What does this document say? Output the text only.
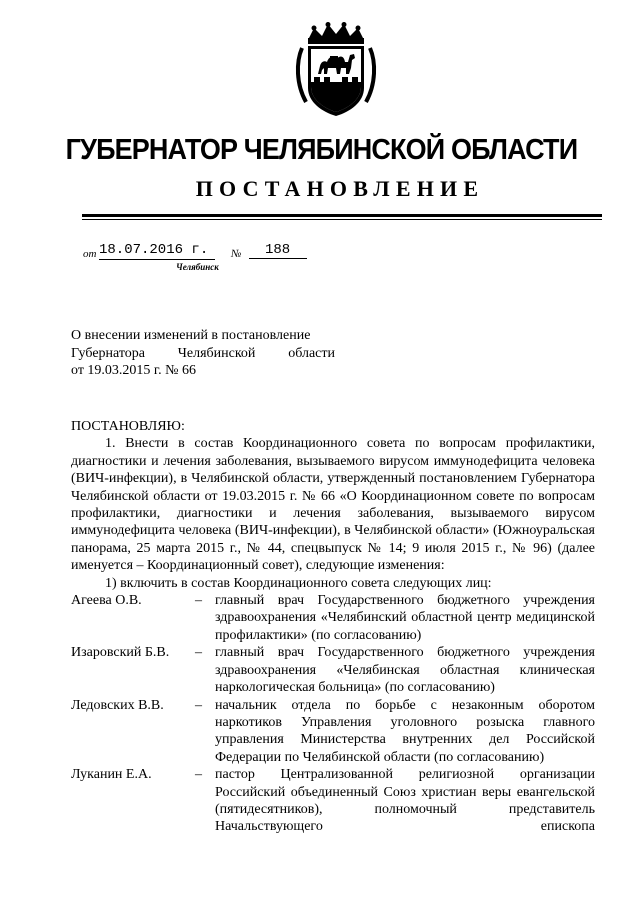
ГУБЕРНАТОР ЧЕЛЯБИНСКОЙ ОБЛАСТИ
ПОСТАНОВЛЕНИЕ
от 18.07.2016 г.	№	188
Челябинск
О внесении изменений в постановление
Губернатора Челябинской области
от 19.03.2015 г. № 66

ПОСТАНОВЛЯЮ:

1. Внести в состав Координационного совета по вопросам профилактики, диагностики и лечения заболевания, вызываемого вирусом иммунодефицита человека (ВИЧ-инфекции), в Челябинской области, утвержденный постановлением Губернатора Челябинской области от 19.03.2015 г. № 66 «О Координационном совете по вопросам профилактики, диагностики и лечения заболевания, вызываемого вирусом иммунодефицита человека (ВИЧ-инфекции), в Челябинской области» (Южноуральская панорама, 25 марта 2015 г., № 44, спецвыпуск № 14; 9 июля 2015 г., № 96) (далее именуется – Координационный совет), следующие изменения:

1) включить в состав Координационного совета следующих лиц:

Агеева О.В.	– главный врач Государственного бюджетного учреждения здравоохранения «Челябинский областной центр медицинской профилактики» (по согласованию)
Изаровский Б.В.	– главный врач Государственного бюджетного учреждения здравоохранения «Челябинская областная клиническая наркологическая больница» (по согласованию)
Ледовских В.В.	– начальник отдела по борьбе с незаконным оборотом наркотиков Управления уголовного розыска главного управления Министерства внутренних дел Российской Федерации по Челябинской области (по согласованию)
Луканин Е.А.	– пастор Централизованной религиозной организации Российский объединенный Союз христиан веры евангельской (пятидесятников), полномочный представитель Начальствующего епископа
